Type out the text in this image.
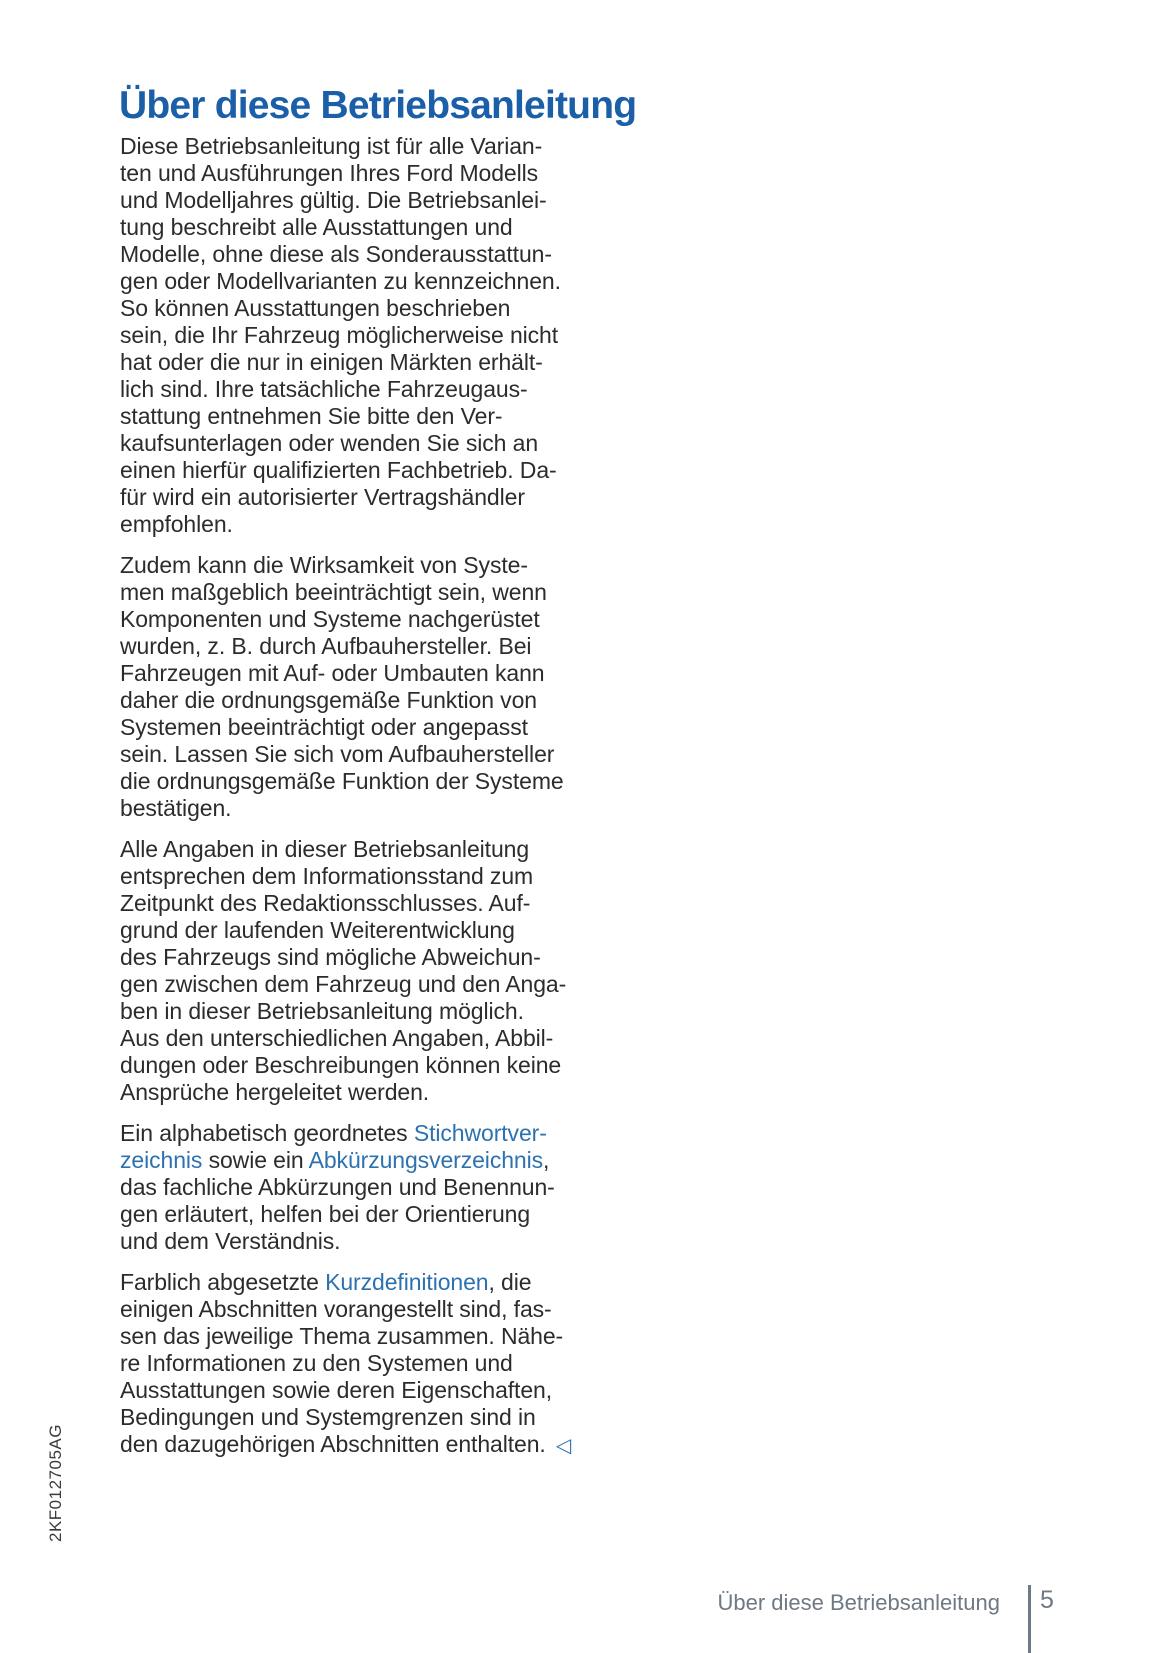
Über diese Betriebsanleitung
Diese Betriebsanleitung ist für alle Varian-
ten und Ausführungen Ihres Ford Modells
und Modelljahres gültig. Die Betriebsanlei-
tung beschreibt alle Ausstattungen und
Modelle, ohne diese als Sonderausstattun-
gen oder Modellvarianten zu kennzeichnen.
So können Ausstattungen beschrieben
sein, die Ihr Fahrzeug möglicherweise nicht
hat oder die nur in einigen Märkten erhält-
lich sind. Ihre tatsächliche Fahrzeugaus-
stattung entnehmen Sie bitte den Ver-
kaufsunterlagen oder wenden Sie sich an
einen hierfür qualifizierten Fachbetrieb. Da-
für wird ein autorisierter Vertragshändler
empfohlen.
Zudem kann die Wirksamkeit von Syste-
men maßgeblich beeinträchtigt sein, wenn
Komponenten und Systeme nachgerüstet
wurden, z. B. durch Aufbauhersteller. Bei
Fahrzeugen mit Auf- oder Umbauten kann
daher die ordnungsgemäße Funktion von
Systemen beeinträchtigt oder angepasst
sein. Lassen Sie sich vom Aufbauhersteller
die ordnungsgemäße Funktion der Systeme
bestätigen.
Alle Angaben in dieser Betriebsanleitung
entsprechen dem Informationsstand zum
Zeitpunkt des Redaktionsschlusses. Auf-
grund der laufenden Weiterentwicklung
des Fahrzeugs sind mögliche Abweichun-
gen zwischen dem Fahrzeug und den Anga-
ben in dieser Betriebsanleitung möglich.
Aus den unterschiedlichen Angaben, Abbil-
dungen oder Beschreibungen können keine
Ansprüche hergeleitet werden.
Ein alphabetisch geordnetes Stichwortver-
zeichnis sowie ein Abkürzungsverzeichnis,
das fachliche Abkürzungen und Benennun-
gen erläutert, helfen bei der Orientierung
und dem Verständnis.
Farblich abgesetzte Kurzdefinitionen, die
einigen Abschnitten vorangestellt sind, fas-
sen das jeweilige Thema zusammen. Nähe-
re Informationen zu den Systemen und
Ausstattungen sowie deren Eigenschaften,
Bedingungen und Systemgrenzen sind in
den dazugehörigen Abschnitten enthalten. ◁
2KF012705AG
Über diese Betriebsanleitung 5
